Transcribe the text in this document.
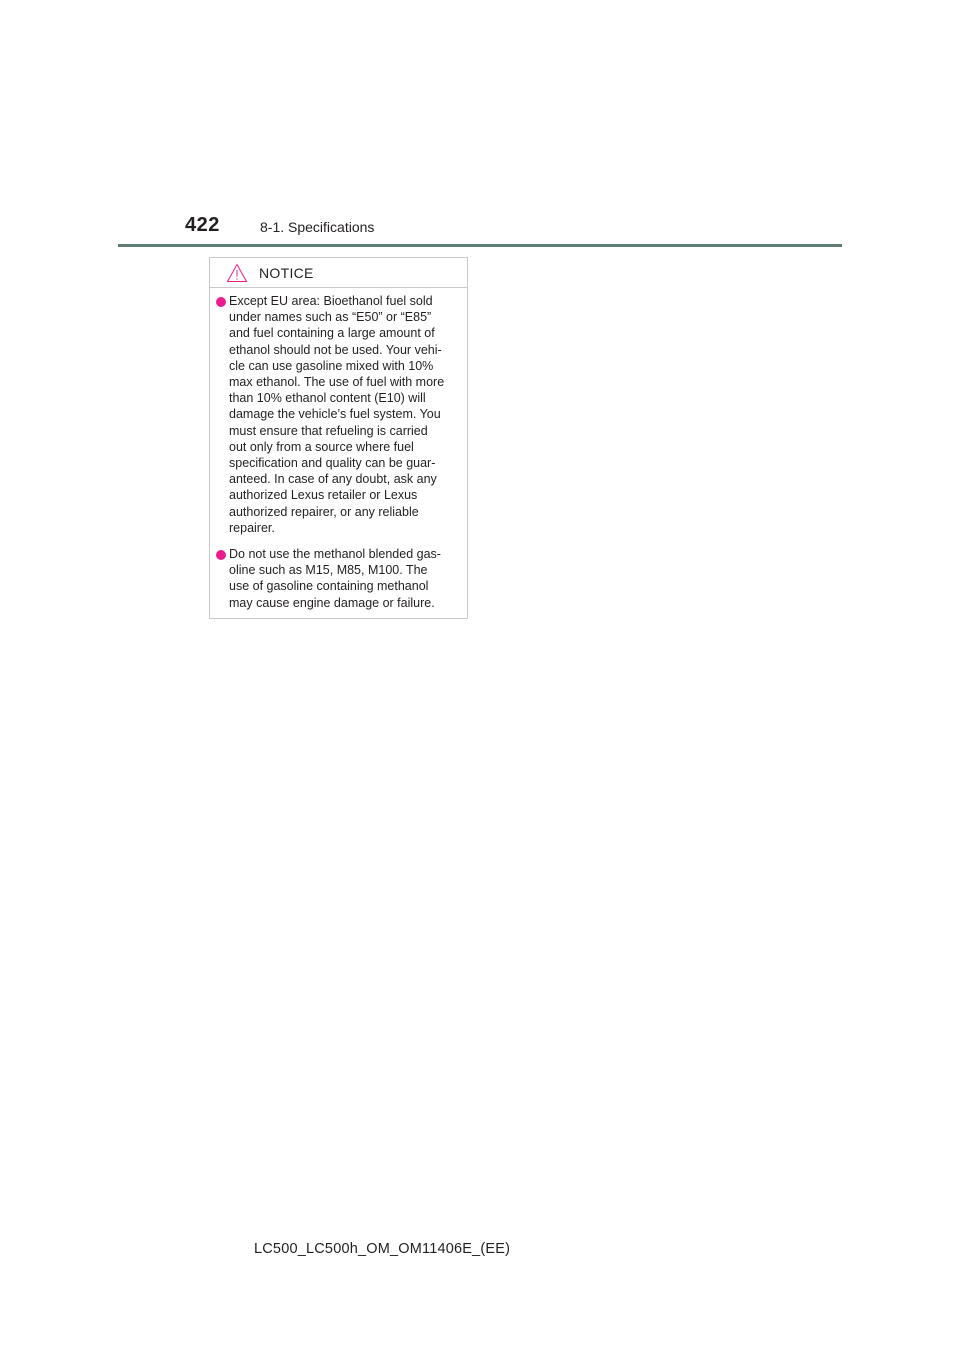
422	8-1. Specifications
NOTICE
Except EU area: Bioethanol fuel sold
under names such as “E50” or “E85”
and fuel containing a large amount of
ethanol should not be used. Your vehi-
cle can use gasoline mixed with 10%
max ethanol. The use of fuel with more
than 10% ethanol content (E10) will
damage the vehicle’s fuel system. You
must ensure that refueling is carried
out only from a source where fuel
specification and quality can be guar-
anteed. In case of any doubt, ask any
authorized Lexus retailer or Lexus
authorized repairer, or any reliable
repairer.
Do not use the methanol blended gas-
oline such as M15, M85, M100. The
use of gasoline containing methanol
may cause engine damage or failure.
LC500_LC500h_OM_OM11406E_(EE)
